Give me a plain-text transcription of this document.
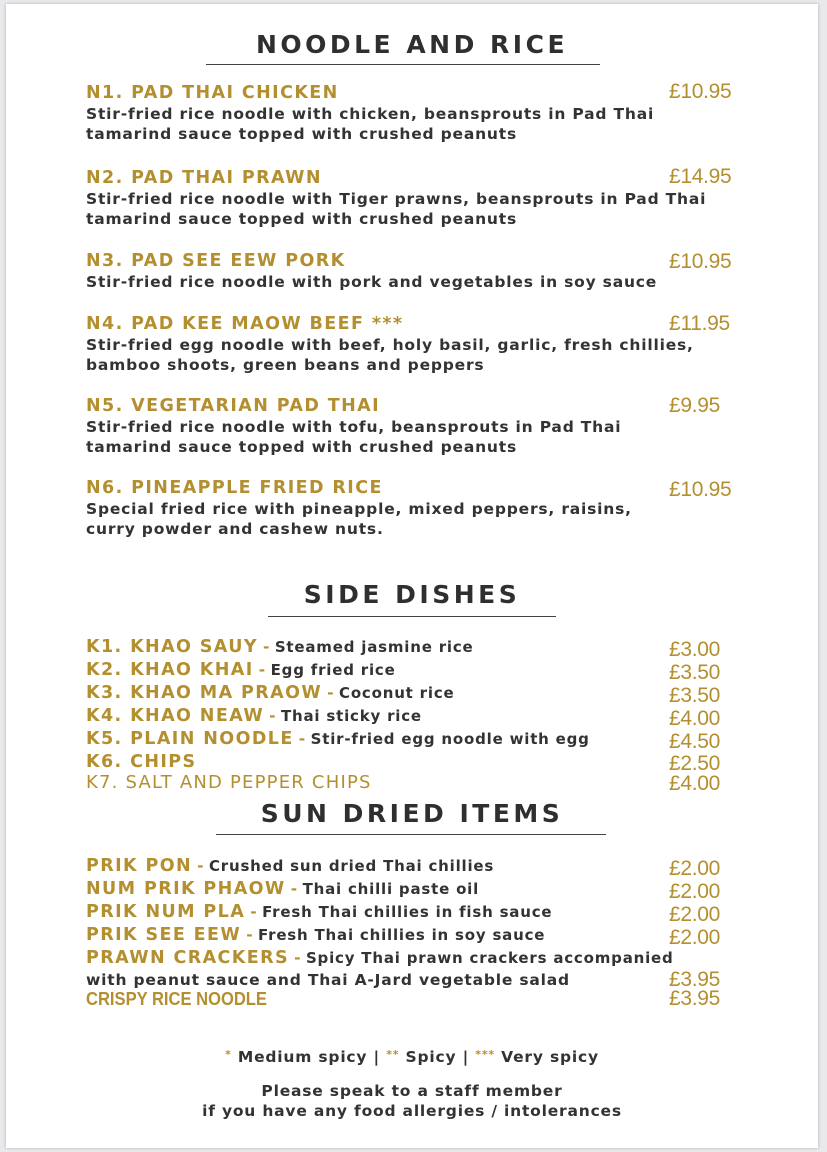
NOODLE AND RICE
N1. PAD THAI CHICKEN	£10.95
Stir-fried rice noodle with chicken, beansprouts in Pad Thai
tamarind sauce topped with crushed peanuts
N2. PAD THAI PRAWN	£14.95
Stir-fried rice noodle with Tiger prawns, beansprouts in Pad Thai
tamarind sauce topped with crushed peanuts
N3. PAD SEE EEW PORK	£10.95
Stir-fried rice noodle with pork and vegetables in soy sauce
N4. PAD KEE MAOW BEEF ***	£11.95
Stir-fried egg noodle with beef, holy basil, garlic, fresh chillies,
bamboo shoots, green beans and peppers
N5. VEGETARIAN PAD THAI	£9.95
Stir-fried rice noodle with tofu, beansprouts in Pad Thai
tamarind sauce topped with crushed peanuts
N6. PINEAPPLE FRIED RICE	£10.95
Special fried rice with pineapple, mixed peppers, raisins,
curry powder and cashew nuts.
SIDE DISHES
K1. KHAO SAUY - Steamed jasmine rice	£3.00
K2. KHAO KHAI - Egg fried rice	£3.50
K3. KHAO MA PRAOW - Coconut rice	£3.50
K4. KHAO NEAW - Thai sticky rice	£4.00
K5. PLAIN NOODLE - Stir-fried egg noodle with egg	£4.50
K6. CHIPS	£2.50
K7. SALT AND PEPPER CHIPS	£4.00
SUN DRIED ITEMS
PRIK PON - Crushed sun dried Thai chillies	£2.00
NUM PRIK PHAOW - Thai chilli paste oil	£2.00
PRIK NUM PLA - Fresh Thai chillies in fish sauce	£2.00
PRIK SEE EEW - Fresh Thai chillies in soy sauce	£2.00
PRAWN CRACKERS - Spicy Thai prawn crackers accompanied
with peanut sauce and Thai A-Jard vegetable salad	£3.95
CRISPY RICE NOODLE	£3.95
* Medium spicy | ** Spicy | *** Very spicy
Please speak to a staff member
if you have any food allergies / intolerances
